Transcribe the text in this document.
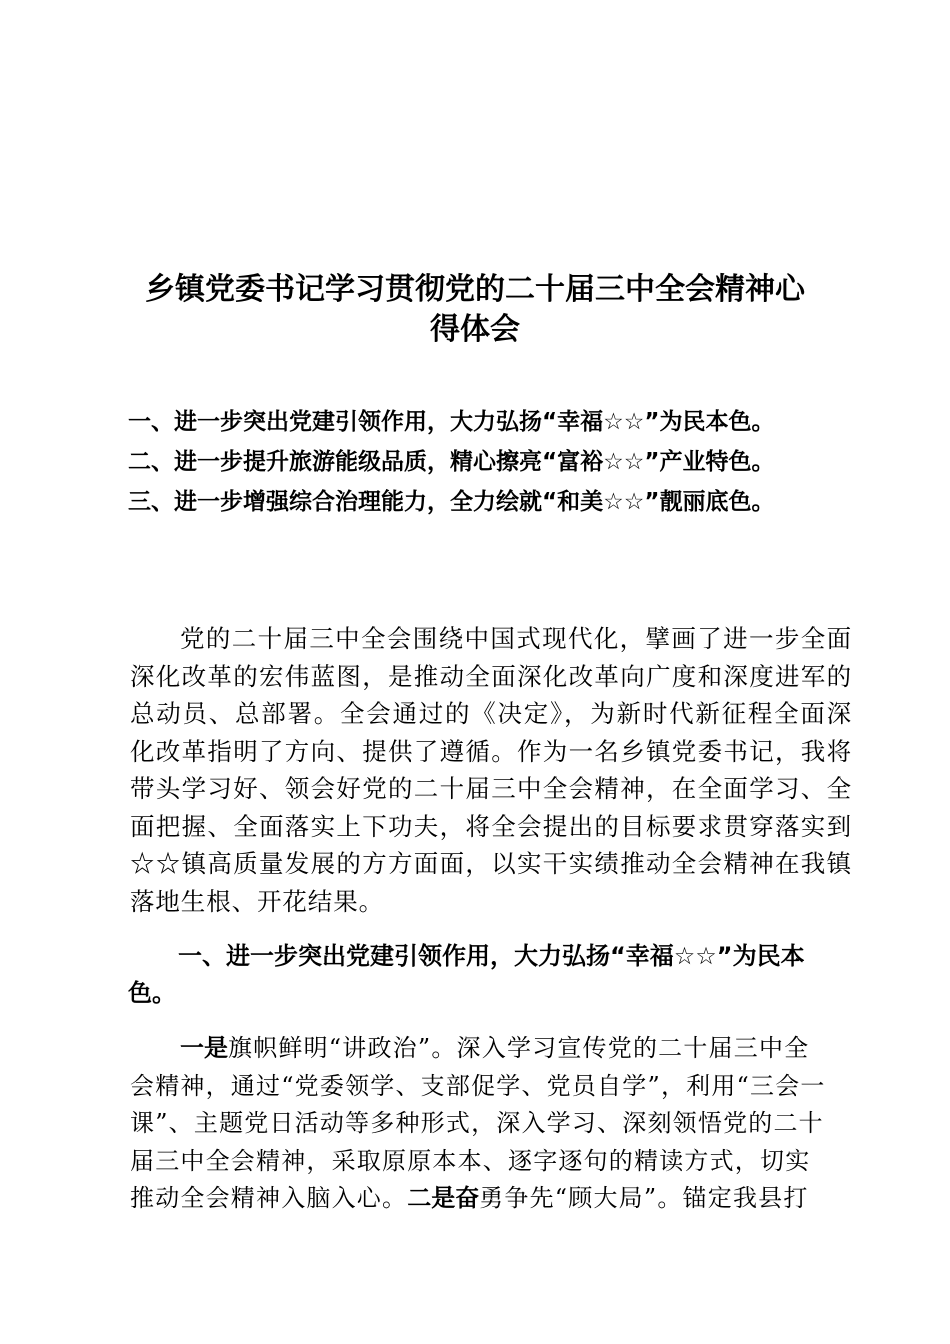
乡镇党委书记学习贯彻党的二十届三中全会精神心
得体会
一、进一步突出党建引领作用，大力弘扬“幸福☆☆”为民本色。
二、进一步提升旅游能级品质，精心擦亮“富裕☆☆”产业特色。
三、进一步增强综合治理能力，全力绘就“和美☆☆”靓丽底色。

党的二十届三中全会围绕中国式现代化，擘画了进一步全面深化改革的宏伟蓝图，是推动全面深化改革向广度和深度进军的总动员、总部署。全会通过的《决定》，为新时代新征程全面深化改革指明了方向、提供了遵循。作为一名乡镇党委书记，我将带头学习好、领会好党的二十届三中全会精神，在全面学习、全面把握、全面落实上下功夫，将全会提出的目标要求贯穿落实到☆☆镇高质量发展的方方面面，以实干实绩推动全会精神在我镇落地生根、开花结果。

一、进一步突出党建引领作用，大力弘扬“幸福☆☆”为民本色。

一是旗帜鲜明“讲政治”。深入学习宣传党的二十届三中全　会精神，通过“党委领学、支部促学、党员自学”，利用“三会一　课”、主题党日活动等多种形式，深入学习、深刻领悟党的二十　届三中全会精神，采取原原本本、逐字逐句的精读方式，切实　推动全会精神入脑入心。二是奋勇争先“顾大局”。锚定我县打
